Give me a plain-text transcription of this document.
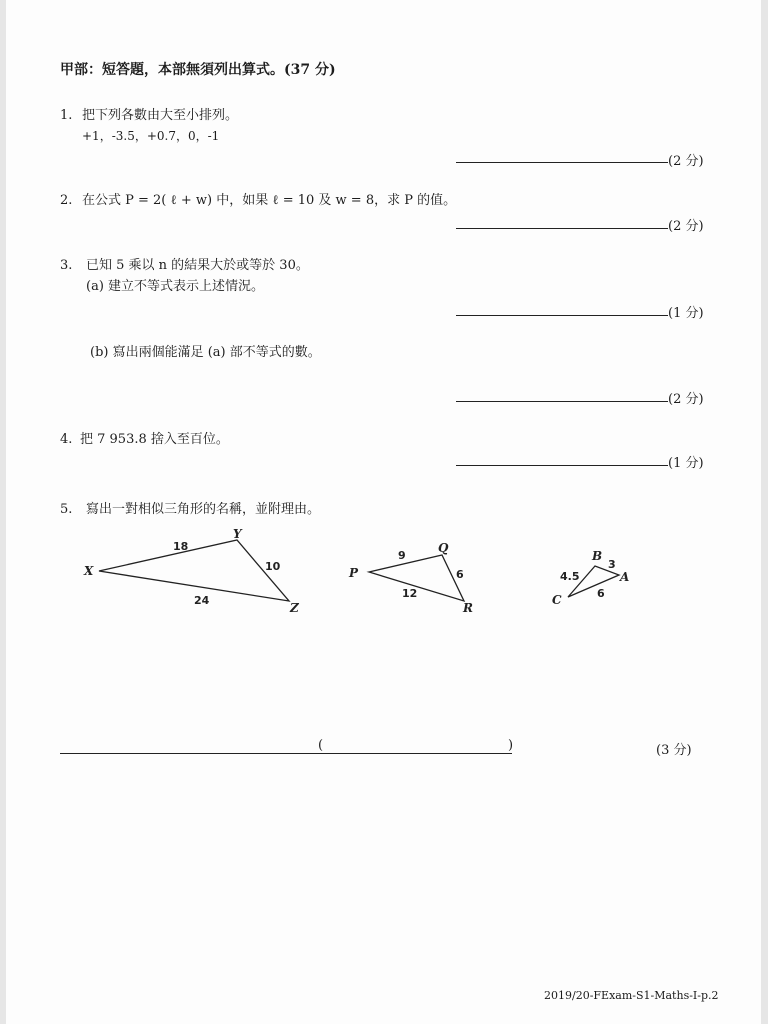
甲部：短答題，本部無須列出算式。(37 分)
1. 把下列各數由大至小排列。
+1，-3.5，+0.7，0，-1
(2 分)
2. 在公式 P = 2( ℓ + w) 中，如果 ℓ = 10 及 w = 8，求 P 的值。
(2 分)
3. 已知 5 乘以 n 的結果大於或等於 30。
(a) 建立不等式表示上述情況。
(1 分)
(b) 寫出兩個能滿足 (a) 部不等式的數。
(2 分)
4. 把 7 953.8 捨入至百位。
(1 分)
5. 寫出一對相似三角形的名稱，並附理由。
X
Y
Z
18
10
24
P
Q
R
9
6
12
A
B
C
3
4.5
6
(	)	(3 分)
2019/20-FExam-S1-Maths-I-p.2
